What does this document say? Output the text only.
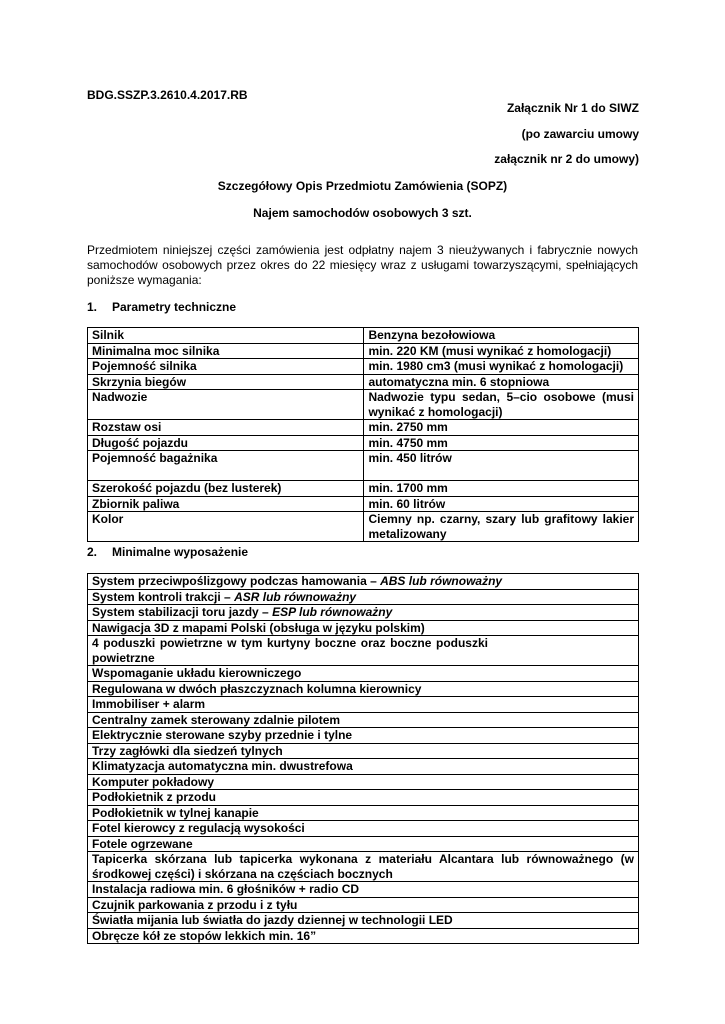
BDG.SSZP.3.2610.4.2017.RB
Załącznik Nr 1 do SIWZ
(po zawarciu umowy
załącznik nr 2 do umowy)
Szczegółowy Opis Przedmiotu Zamówienia (SOPZ)
Najem samochodów osobowych 3 szt.
Przedmiotem niniejszej części zamówienia jest odpłatny najem 3 nieużywanych i fabrycznie nowych samochodów osobowych przez okres do 22 miesięcy wraz z usługami towarzyszącymi, spełniających poniższe wymagania:
1. Parametry techniczne
Silnik	Benzyna bezołowiowa
Minimalna moc silnika	min. 220 KM (musi wynikać z homologacji)
Pojemność silnika	min. 1980 cm3 (musi wynikać z homologacji)
Skrzynia biegów	automatyczna min. 6 stopniowa
Nadwozie	Nadwozie typu sedan, 5–cio osobowe (musi wynikać z homologacji)
Rozstaw osi	min. 2750 mm
Długość pojazdu	min. 4750 mm
Pojemność bagażnika	min. 450 litrów
Szerokość pojazdu (bez lusterek)	min. 1700 mm
Zbiornik paliwa	min. 60 litrów
Kolor	Ciemny np. czarny, szary lub grafitowy lakier metalizowany
2. Minimalne wyposażenie
System przeciwpoślizgowy podczas hamowania – ABS lub równoważny
System kontroli trakcji – ASR lub równoważny
System stabilizacji toru jazdy – ESP lub równoważny
Nawigacja 3D z mapami Polski (obsługa w języku polskim)
4 poduszki powietrzne w tym kurtyny boczne oraz boczne poduszki powietrzne
Wspomaganie układu kierowniczego
Regulowana w dwóch płaszczyznach kolumna kierownicy
Immobiliser + alarm
Centralny zamek sterowany zdalnie pilotem
Elektrycznie sterowane szyby przednie i tylne
Trzy zagłówki dla siedzeń tylnych
Klimatyzacja automatyczna min. dwustrefowa
Komputer pokładowy
Podłokietnik z przodu
Podłokietnik w tylnej kanapie
Fotel kierowcy z regulacją wysokości
Fotele ogrzewane
Tapicerka skórzana lub tapicerka wykonana z materiału Alcantara lub równoważnego (w środkowej części) i skórzana na częściach bocznych
Instalacja radiowa min. 6 głośników + radio CD
Czujnik parkowania z przodu i z tyłu
Światła mijania lub światła do jazdy dziennej w technologii LED
Obręcze kół ze stopów lekkich min. 16”
